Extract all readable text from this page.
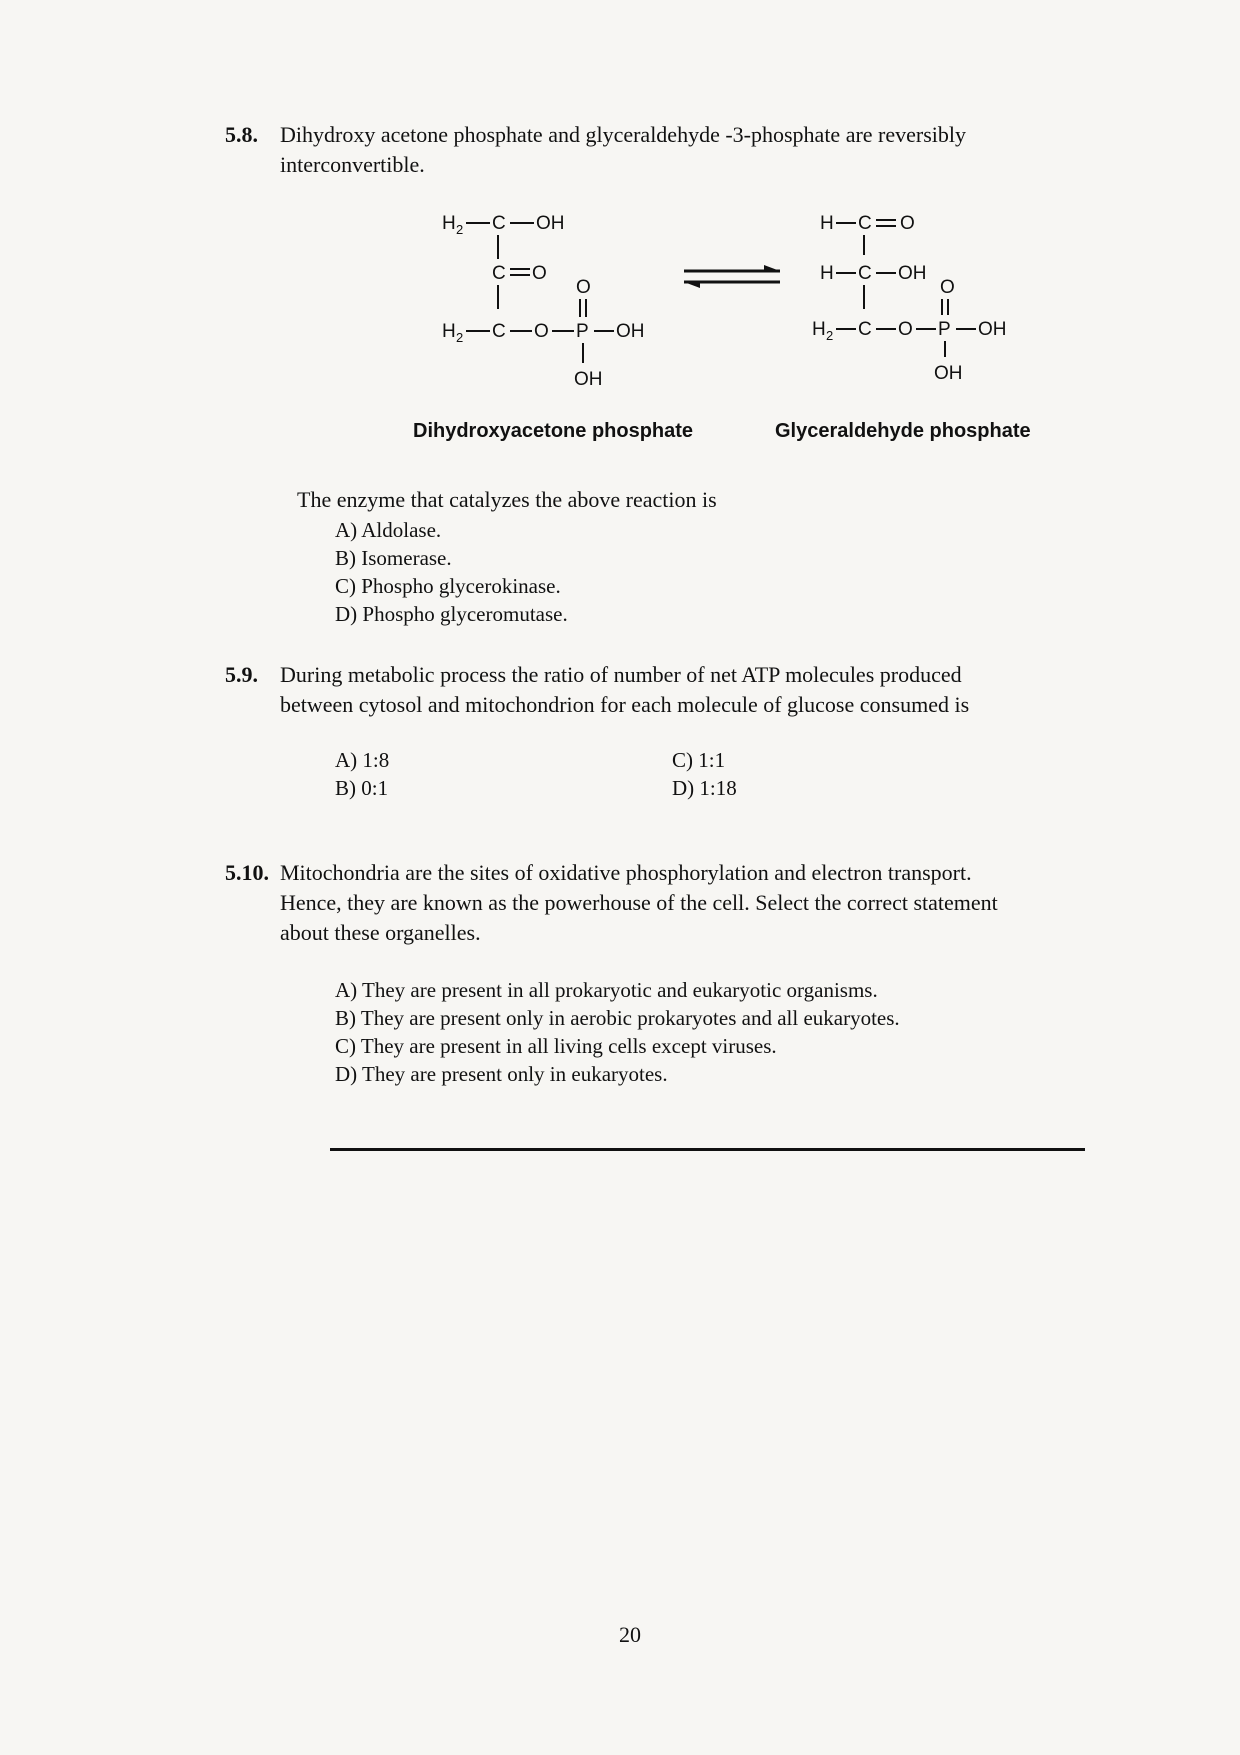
5.8. Dihydroxy acetone phosphate and glyceraldehyde -3-phosphate are reversibly
interconvertible.
H 2 C OH
C O
H 2 C O P OH
O
OH
H C O
H C OH
H 2 C O P OH
O
OH
Dihydroxyacetone phosphate	Glyceraldehyde phosphate
The enzyme that catalyzes the above reaction is
A) Aldolase.
B) Isomerase.
C) Phospho glycerokinase.
D) Phospho glyceromutase.
5.9. During metabolic process the ratio of number of net ATP molecules produced
between cytosol and mitochondrion for each molecule of glucose consumed is
A) 1:8
B) 0:1
C) 1:1
D) 1:18
5.10. Mitochondria are the sites of oxidative phosphorylation and electron transport.
Hence, they are known as the powerhouse of the cell. Select the correct statement
about these organelles.
A) They are present in all prokaryotic and eukaryotic organisms.
B) They are present only in aerobic prokaryotes and all eukaryotes.
C) They are present in all living cells except viruses.
D) They are present only in eukaryotes.
20
